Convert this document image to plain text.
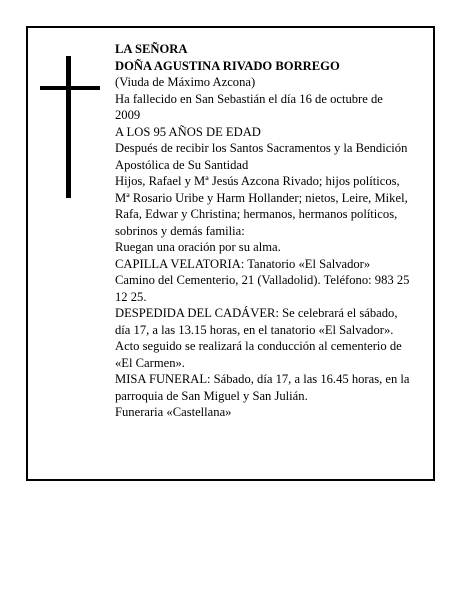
LA SEÑORA

DOÑA AGUSTINA RIVADO BORREGO

(Viuda de Máximo Azcona)

Ha fallecido en San Sebastián el día 16 de octubre de 2009

A LOS 95 AÑOS DE EDAD

Después de recibir los Santos Sacramentos y la Bendición Apostólica de Su Santidad

Hijos, Rafael y Mª Jesús Azcona Rivado; hijos políticos, Mª Rosario Uribe y Harm Hollander; nietos, Leire, Mikel, Rafa, Edwar y Christina; hermanos, hermanos políticos, sobrinos y demás familia:

Ruegan una oración por su alma.

CAPILLA VELATORIA: Tanatorio «El Salvador» Camino del Cementerio, 21 (Valladolid). Teléfono: 983 25 12 25.

DESPEDIDA DEL CADÁVER: Se celebrará el sábado, día 17, a las 13.15 horas, en el tanatorio «El Salvador». Acto seguido se realizará la conducción al cementerio de «El Carmen».

MISA FUNERAL: Sábado, día 17, a las 16.45 horas, en la parroquia de San Miguel y San Julián.

Funeraria «Castellana»
